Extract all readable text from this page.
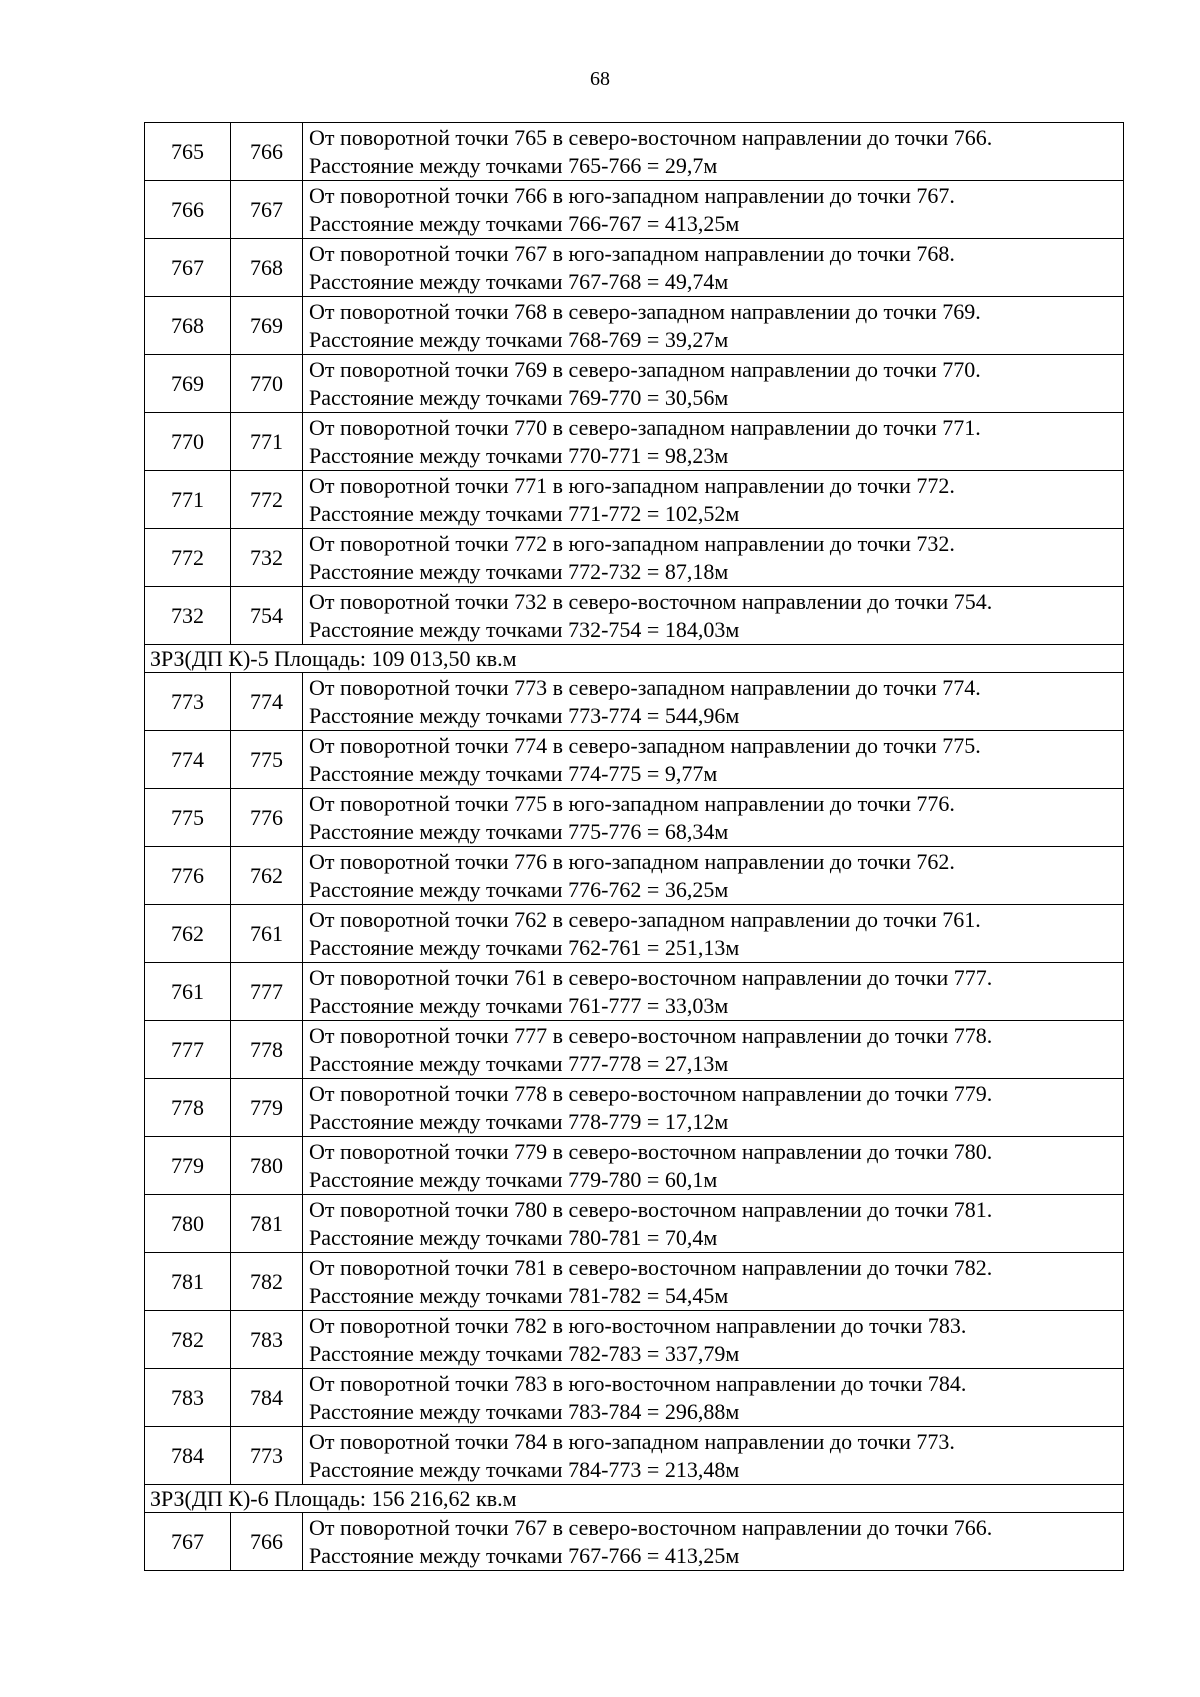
68
765	766	От поворотной точки 765 в северо-восточном направлении до точки 766.
Расстояние между точками 765-766 = 29,7м

766	767	От поворотной точки 766 в юго-западном направлении до точки 767.
Расстояние между точками 766-767 = 413,25м

767	768	От поворотной точки 767 в юго-западном направлении до точки 768.
Расстояние между точками 767-768 = 49,74м

768	769	От поворотной точки 768 в северо-западном направлении до точки 769.
Расстояние между точками 768-769 = 39,27м

769	770	От поворотной точки 769 в северо-западном направлении до точки 770.
Расстояние между точками 769-770 = 30,56м

770	771	От поворотной точки 770 в северо-западном направлении до точки 771.
Расстояние между точками 770-771 = 98,23м

771	772	От поворотной точки 771 в юго-западном направлении до точки 772.
Расстояние между точками 771-772 = 102,52м

772	732	От поворотной точки 772 в юго-западном направлении до точки 732.
Расстояние между точками 772-732 = 87,18м

732	754	От поворотной точки 732 в северо-восточном направлении до точки 754.
Расстояние между точками 732-754 = 184,03м

ЗРЗ(ДП К)-5 Площадь: 109 013,50 кв.м		
773	774	От поворотной точки 773 в северо-западном направлении до точки 774.
Расстояние между точками 773-774 = 544,96м

774	775	От поворотной точки 774 в северо-западном направлении до точки 775.
Расстояние между точками 774-775 = 9,77м

775	776	От поворотной точки 775 в юго-западном направлении до точки 776.
Расстояние между точками 775-776 = 68,34м

776	762	От поворотной точки 776 в юго-западном направлении до точки 762.
Расстояние между точками 776-762 = 36,25м

762	761	От поворотной точки 762 в северо-западном направлении до точки 761.
Расстояние между точками 762-761 = 251,13м

761	777	От поворотной точки 761 в северо-восточном направлении до точки 777.
Расстояние между точками 761-777 = 33,03м

777	778	От поворотной точки 777 в северо-восточном направлении до точки 778.
Расстояние между точками 777-778 = 27,13м

778	779	От поворотной точки 778 в северо-восточном направлении до точки 779.
Расстояние между точками 778-779 = 17,12м

779	780	От поворотной точки 779 в северо-восточном направлении до точки 780.
Расстояние между точками 779-780 = 60,1м

780	781	От поворотной точки 780 в северо-восточном направлении до точки 781.
Расстояние между точками 780-781 = 70,4м

781	782	От поворотной точки 781 в северо-восточном направлении до точки 782.
Расстояние между точками 781-782 = 54,45м

782	783	От поворотной точки 782 в юго-восточном направлении до точки 783.
Расстояние между точками 782-783 = 337,79м

783	784	От поворотной точки 783 в юго-восточном направлении до точки 784.
Расстояние между точками 783-784 = 296,88м

784	773	От поворотной точки 784 в юго-западном направлении до точки 773.
Расстояние между точками 784-773 = 213,48м

ЗРЗ(ДП К)-6 Площадь: 156 216,62 кв.м		
767	766	От поворотной точки 767 в северо-восточном направлении до точки 766.
Расстояние между точками 767-766 = 413,25м
